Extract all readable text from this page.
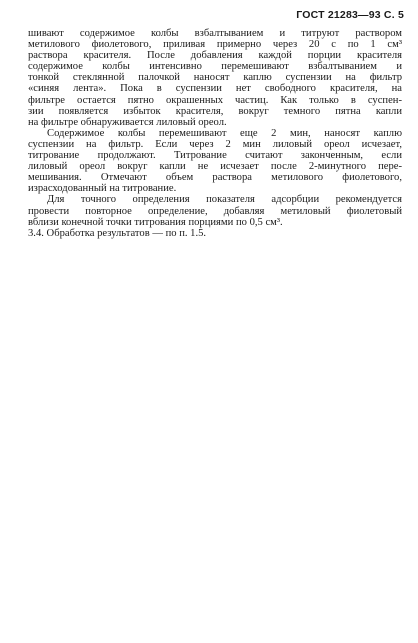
ГОСТ 21283—93 С. 5
шивают содержимое колбы взбалтыванием и титруют раствором
метилового фиолетового, приливая примерно через 20 с по 1 см³
раствора красителя. После добавления каждой порции красителя
содержимое колбы интенсивно перемешивают взбалтыванием и
тонкой стеклянной палочкой наносят каплю суспензии на фильтр
«синяя лента». Пока в суспензии нет свободного красителя, на
фильтре остается пятно окрашенных частиц. Как только в суспен-
зии появляется избыток красителя, вокруг темного пятна капли
на фильтре обнаруживается лиловый ореол.
Содержимое колбы перемешивают еще 2 мин, наносят каплю
суспензии на фильтр. Если через 2 мин лиловый ореол исчезает,
титрование продолжают. Титрование считают законченным, если
лиловый ореол вокруг капли не исчезает после 2-минутного пере-
мешивания. Отмечают объем раствора метилового фиолетового,
израсходованный на титрование.
Для точного определения показателя адсорбции рекомендуется
провести повторное определение, добавляя метиловый фиолетовый
вблизи конечной точки титрования порциями по 0,5 см³.
3.4. Обработка результатов — по п. 1.5.
